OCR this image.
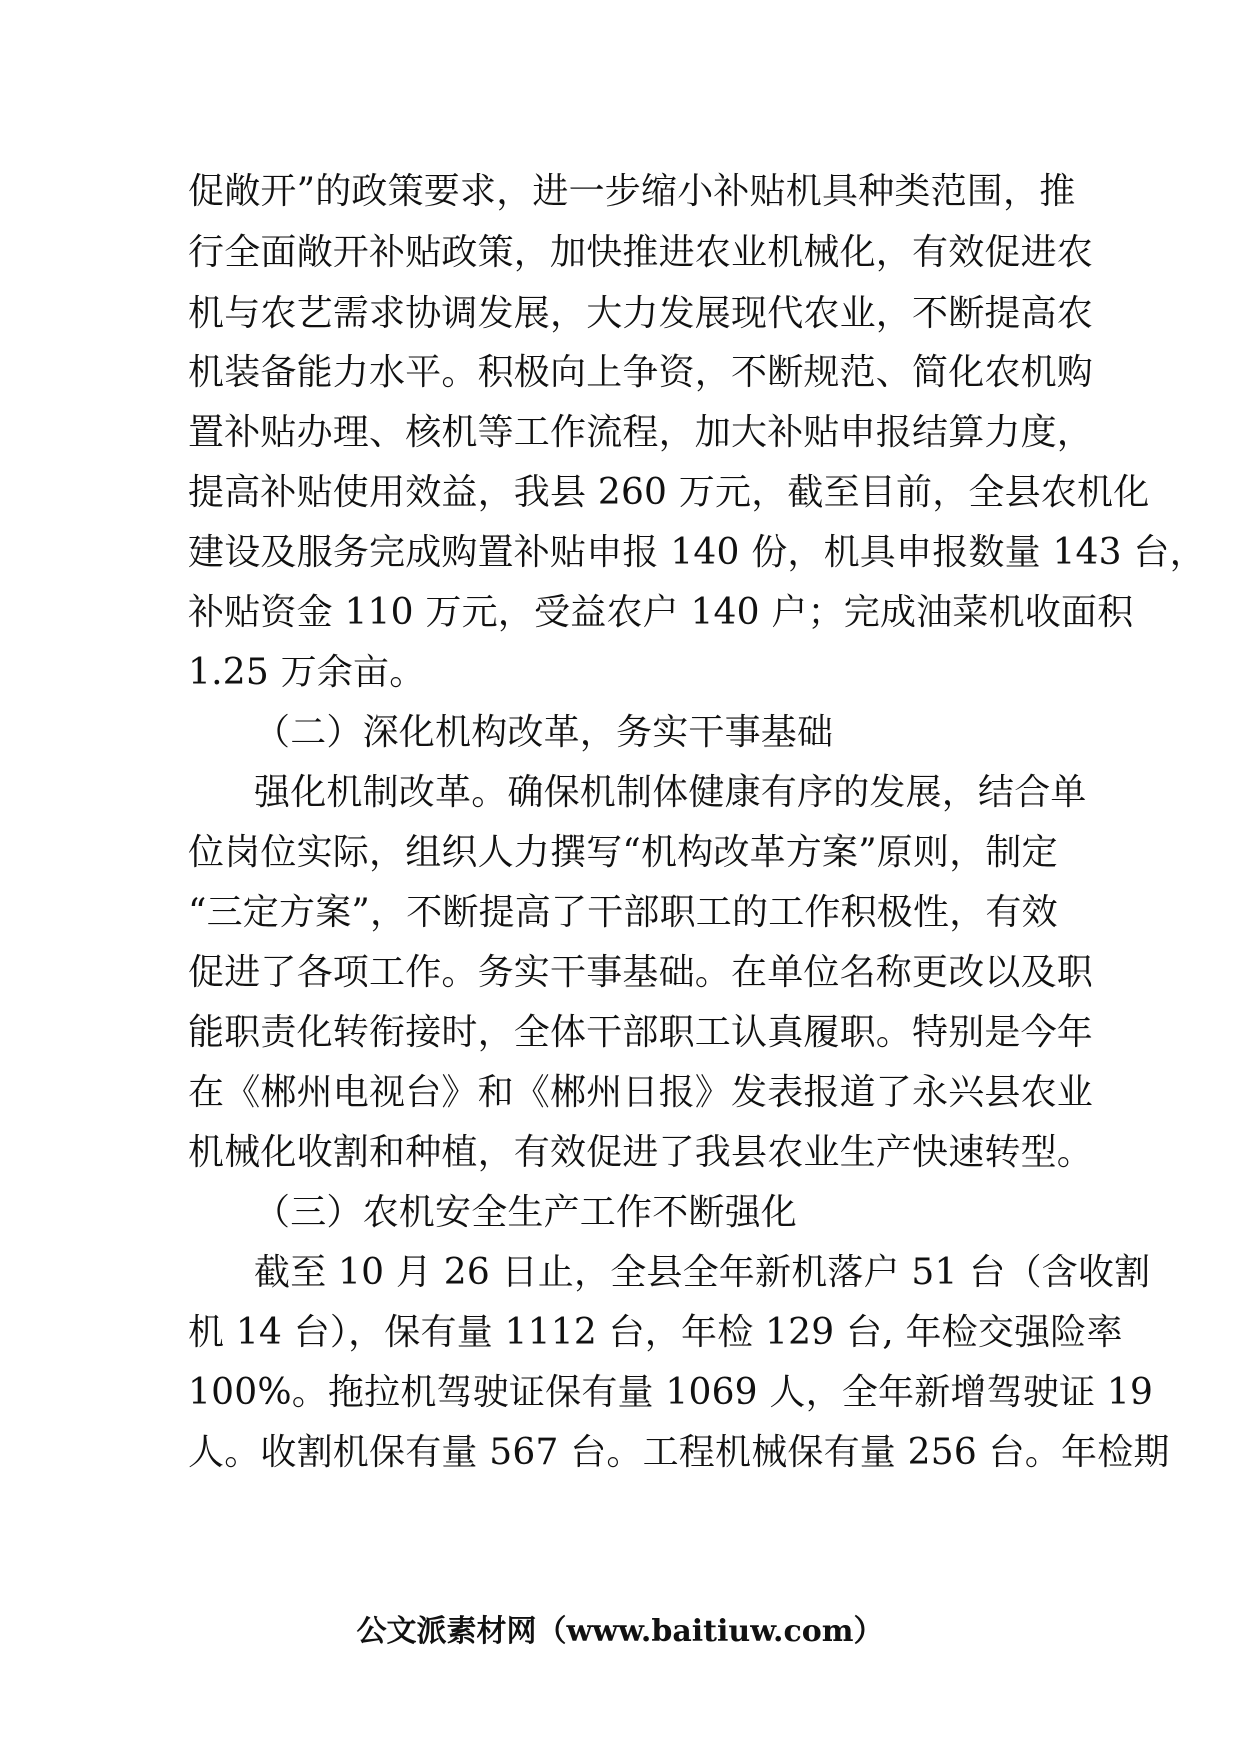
促敞开”的政策要求，进一步缩小补贴机具种类范围，推
行全面敞开补贴政策，加快推进农业机械化，有效促进农
机与农艺需求协调发展，大力发展现代农业，不断提高农
机装备能力水平。积极向上争资，不断规范、简化农机购
置补贴办理、核机等工作流程，加大补贴申报结算力度，
提高补贴使用效益，我县 260 万元，截至目前，全县农机化
建设及服务完成购置补贴申报 140 份，机具申报数量 143 台，
补贴资金 110 万元，受益农户 140 户；完成油菜机收面积
1.25 万余亩。
（二）深化机构改革，务实干事基础
强化机制改革。确保机制体健康有序的发展，结合单
位岗位实际，组织人力撰写“机构改革方案”原则，制定
“三定方案”，不断提高了干部职工的工作积极性，有效
促进了各项工作。务实干事基础。在单位名称更改以及职
能职责化转衔接时，全体干部职工认真履职。特别是今年
在《郴州电视台》和《郴州日报》发表报道了永兴县农业
机械化收割和种植，有效促进了我县农业生产快速转型。
（三）农机安全生产工作不断强化
截至 10 月 26 日止，全县全年新机落户 51 台（含收割
机 14 台），保有量 1112 台，年检 129 台, 年检交强险率
100%。拖拉机驾驶证保有量 1069 人，全年新增驾驶证 19
人。收割机保有量 567 台。工程机械保有量 256 台。年检期
公文派素材网（www.baitiuw.com）
